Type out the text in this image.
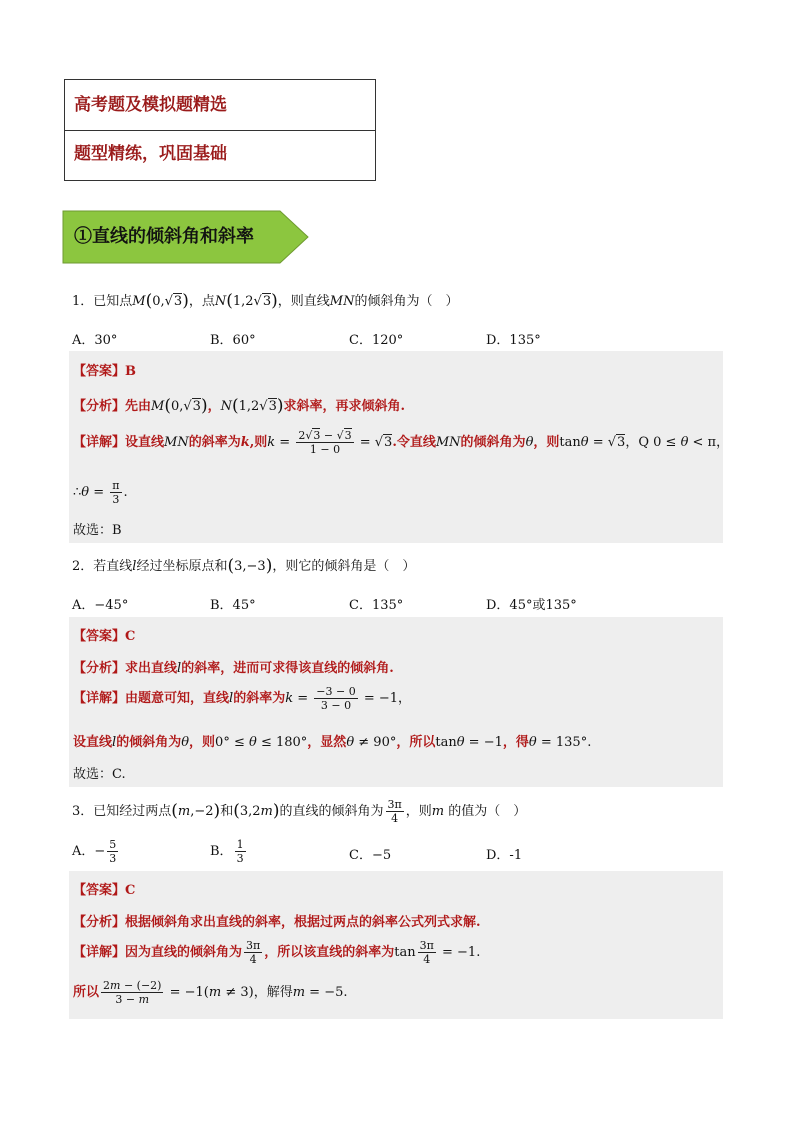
高考题及模拟题精选
题型精练，巩固基础
①直线的倾斜角和斜率
1．已知点M(0,√3)，点N(1,2√3)，则直线MN的倾斜角为（　）
A．30°	B．60°	C．120°	D．135°
【答案】B
【分析】先由M(0,√3)，N(1,2√3)求斜率，再求倾斜角.
【详解】设直线MN的斜率为k,则$k = \frac{2√3 - √3}{1 - 0} = √3$.令直线MN的倾斜角为θ，则tanθ = √3，Q 0 ≤ θ < π，
∴θ = $\frac{\pi}{3}$ .
故选：B
2．若直线l经过坐标原点和(3,−3)，则它的倾斜角是（　）
A．−45°	B．45°	C．135°	D．45°或135°
【答案】C
【分析】求出直线l的斜率，进而可求得该直线的倾斜角.
【详解】由题意可知，直线l的斜率为$k = \frac{-3 - 0}{3 - 0} = -1$，
设直线l的倾斜角为θ，则0° ≤ θ ≤ 180°，显然θ ≠ 90°，所以tanθ = −1，得θ = 135°.
故选：C.
3．已知经过两点(m,−2)和(3,2m)的直线的倾斜角为 $\frac{3\pi}{4}$ ，则m 的值为（　）
A．− $\frac{5}{3}$	B． $\frac{1}{3}$	C．−5	D．-1
【答案】C
【分析】根据倾斜角求出直线的斜率，根据过两点的斜率公式列式求解.
【详解】因为直线的倾斜角为 $\frac{3\pi}{4}$ ，所以该直线的斜率为$\tan \frac{3\pi}{4} = -1$.
所以 $\frac{2m - (-2)}{3 - m} = -1(m \ne 3)$，解得m = −5.
